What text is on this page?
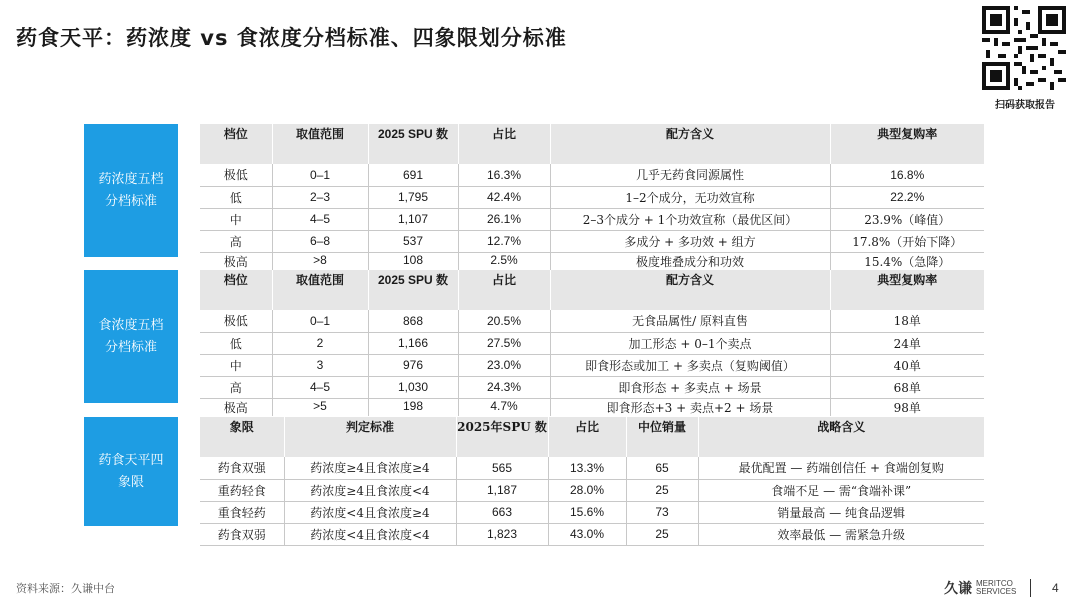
药食天平：药浓度 vs 食浓度分档标准、四象限划分标准
扫码获取报告
药浓度五档分档标准
食浓度五档分档标准
药食天平四象限
档位	取值范围	2025 SPU 数	占比	配方含义	典型复购率
极低	0–1	691	16.3%	几乎无药食同源属性	16.8%
低	2–3	1,795	42.4%	1–2个成分，无功效宣称	22.2%
中	4–5	1,107	26.1%	2–3个成分 + 1个功效宣称（最优区间）	23.9%（峰值）
高	6–8	537	12.7%	多成分 + 多功效 + 组方	17.8%（开始下降）
极高	>8	108	2.5%	极度堆叠成分和功效	15.4%（急降）
档位	取值范围	2025 SPU 数	占比	配方含义	典型复购率
极低	0–1	868	20.5%	无食品属性/ 原料直售	18单
低	2	1,166	27.5%	加工形态 + 0–1个卖点	24单
中	3	976	23.0%	即食形态或加工 + 多卖点（复购阈值）	40单
高	4–5	1,030	24.3%	即食形态 + 多卖点 + 场景	68单
极高	>5	198	4.7%	即食形态+3 + 卖点+2 + 场景	98单
象限	判定标准	2025年SPU 数	占比	中位销量	战略含义
药食双强	药浓度≥4且食浓度≥4	565	13.3%	65	最优配置 — 药端创信任 + 食端创复购
重药轻食	药浓度≥4且食浓度<4	1,187	28.0%	25	食端不足 — 需“食端补课”
重食轻药	药浓度<4且食浓度≥4	663	15.6%	73	销量最高 — 纯食品逻辑
药食双弱	药浓度<4且食浓度<4	1,823	43.0%	25	效率最低 — 需紧急升级
资料来源：久谦中台	久谦 MERITCO
SERVICES	4
